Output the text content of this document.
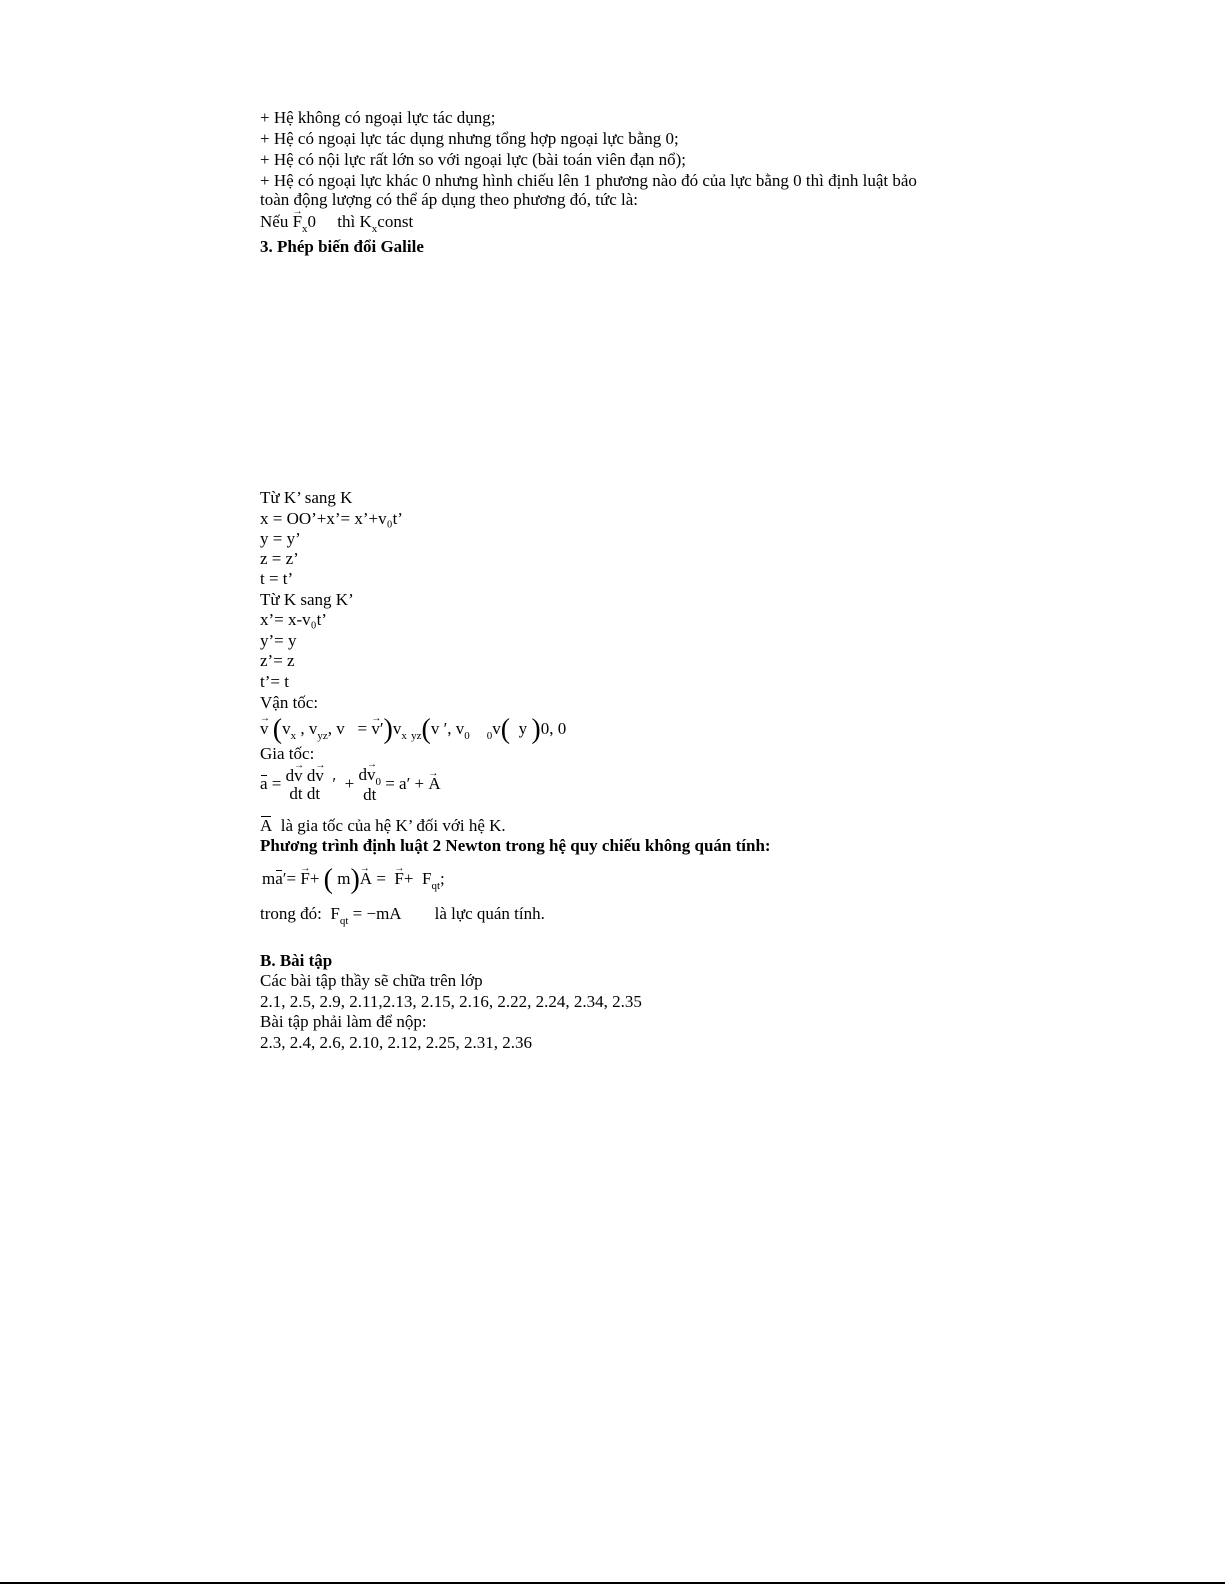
+ Hệ không có ngoại lực tác dụng;
+ Hệ có ngoại lực tác dụng nhưng tổng hợp ngoại lực bằng 0;
+ Hệ có nội lực rất lớn so với ngoại lực (bài toán viên đạn nổ);
+ Hệ có ngoại lực khác 0 nhưng hình chiếu lên 1 phương nào đó của lực bằng 0 thì định luật bảo
toàn động lượng có thể áp dụng theo phương đó, tức là:
Nếu → $F_x0$ thì $K_xconst$
3. Phép biến đổi Galile
Từ K’ sang K
x = OO’+x’= x’+v₀t’
y = y’
z = z’
t = t’
Từ K sang K’
x’= x-v₀t’
y’= y
z’= z
t’= t
Vận tốc:
→ v ($v_x$ , $v_{yz}$, v   = → $v')v_x$ $_{yz}$(v ′, $v_0$ $_0$v(  y )0, 0
Gia tốc:
a = d→ v d→ v
dt dt
′  + $d\to v_0$
dt
= a′ + → A
A là gia tốc của hệ K’ đối với hệ K.
Phương trình định luật 2 Newton trong hệ quy chiếu không quán tính:
ma′= → F+ ( m)→ A =  → $F+ F_{qt}$;
trong đó:  $F_{qt} = -mA$        là lực quán tính.
B. Bài tập
Các bài tập thầy sẽ chữa trên lớp
2.1, 2.5, 2.9, 2.11,2.13, 2.15, 2.16, 2.22, 2.24, 2.34, 2.35
Bài tập phải làm để nộp:
2.3, 2.4, 2.6, 2.10, 2.12, 2.25, 2.31, 2.36
